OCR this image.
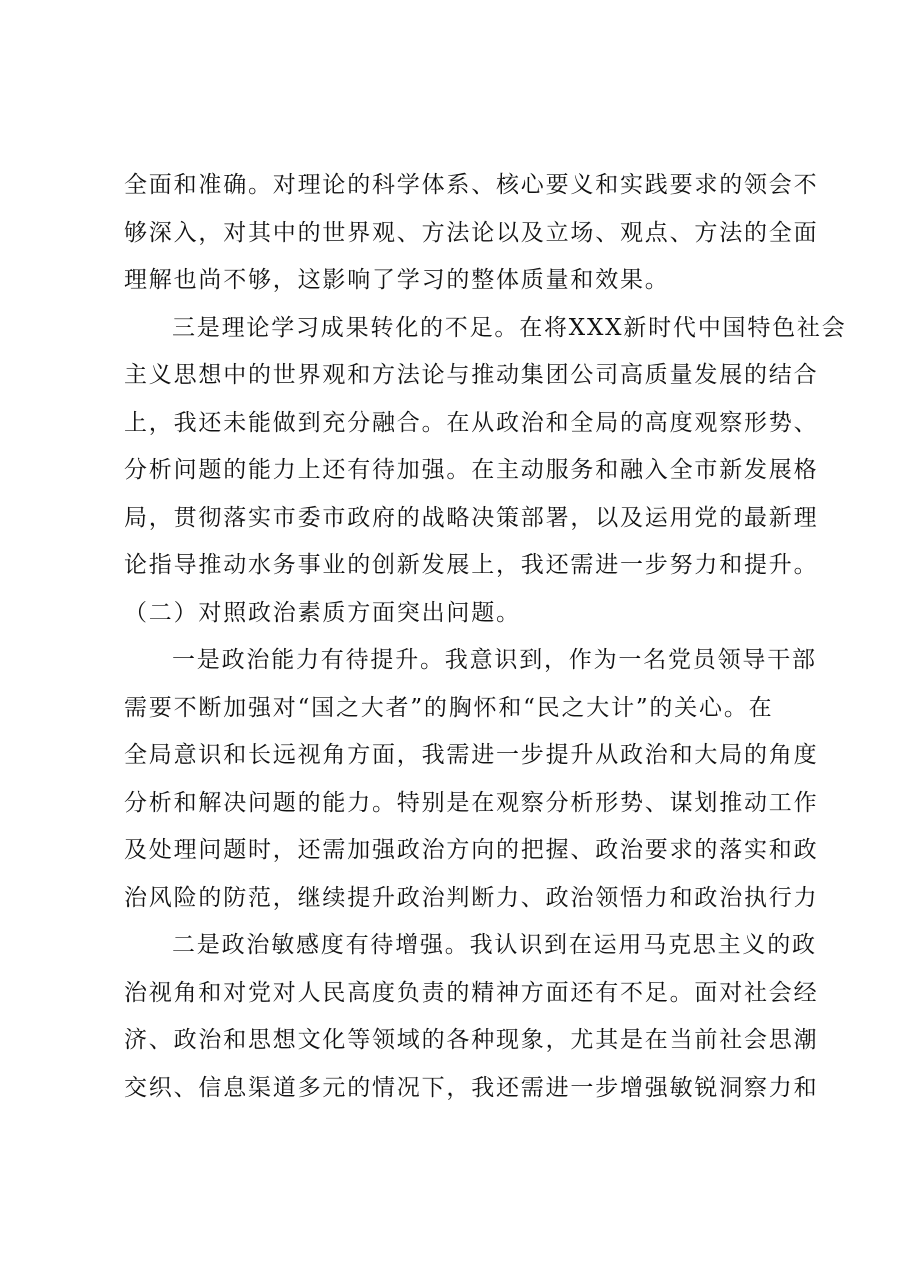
全面和准确。对理论的科学体系、核心要义和实践要求的领会不
够深入，对其中的世界观、方法论以及立场、观点、方法的全面
理解也尚不够，这影响了学习的整体质量和效果。
三是理论学习成果转化的不足。在将XXX新时代中国特色社会
主义思想中的世界观和方法论与推动集团公司高质量发展的结合
上，我还未能做到充分融合。在从政治和全局的高度观察形势、
分析问题的能力上还有待加强。在主动服务和融入全市新发展格
局，贯彻落实市委市政府的战略决策部署，以及运用党的最新理
论指导推动水务事业的创新发展上，我还需进一步努力和提升。
（二）对照政治素质方面突出问题。
一是政治能力有待提升。我意识到，作为一名党员领导干部
需要不断加强对“国之大者”的胸怀和“民之大计”的关心。在
全局意识和长远视角方面，我需进一步提升从政治和大局的角度
分析和解决问题的能力。特别是在观察分析形势、谋划推动工作
及处理问题时，还需加强政治方向的把握、政治要求的落实和政
治风险的防范，继续提升政治判断力、政治领悟力和政治执行力
二是政治敏感度有待增强。我认识到在运用马克思主义的政
治视角和对党对人民高度负责的精神方面还有不足。面对社会经
济、政治和思想文化等领域的各种现象，尤其是在当前社会思潮
交织、信息渠道多元的情况下，我还需进一步增强敏锐洞察力和
